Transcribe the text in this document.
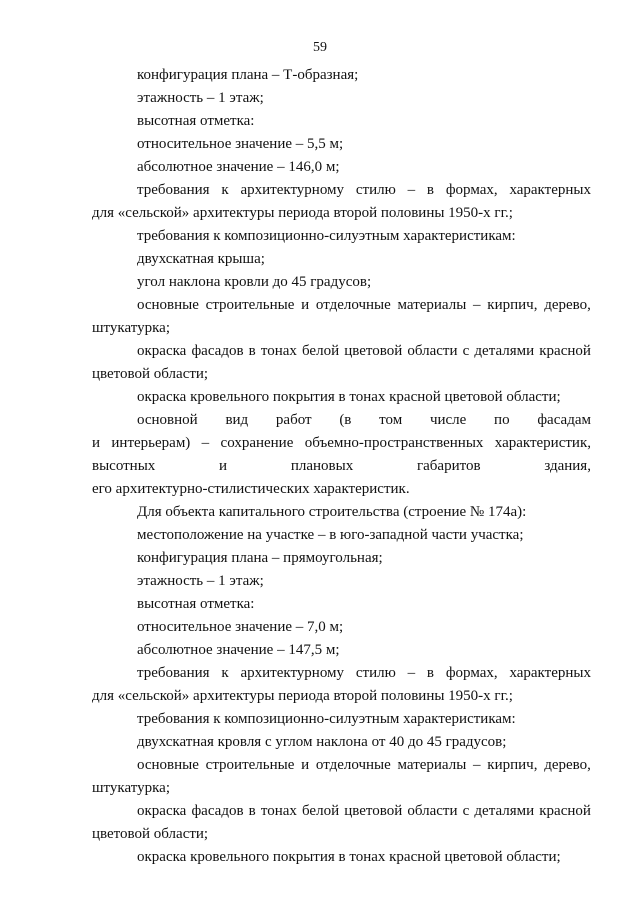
59
конфигурация плана – Т-образная;
этажность – 1 этаж;
высотная отметка:
относительное значение – 5,5 м;
абсолютное значение – 146,0 м;
требования к архитектурному стилю – в формах, характерных
для «сельской» архитектуры периода второй половины 1950-х гг.;
требования к композиционно-силуэтным характеристикам:
двухскатная крыша;
угол наклона кровли до 45 градусов;
основные строительные и отделочные материалы – кирпич, дерево,
штукатурка;
окраска фасадов в тонах белой цветовой области с деталями красной
цветовой области;
окраска кровельного покрытия в тонах красной цветовой области;
основной вид работ (в том числе по фасадам
и интерьерам) – сохранение объемно-пространственных характеристик,
высотных	и	плановых	габаритов	здания,
его архитектурно-стилистических характеристик.
Для объекта капитального строительства (строение № 174а):
местоположение на участке – в юго-западной части участка;
конфигурация плана – прямоугольная;
этажность – 1 этаж;
высотная отметка:
относительное значение – 7,0 м;
абсолютное значение – 147,5 м;
требования к архитектурному стилю – в формах, характерных
для «сельской» архитектуры периода второй половины 1950-х гг.;
требования к композиционно-силуэтным характеристикам:
двухскатная кровля с углом наклона от 40 до 45 градусов;
основные строительные и отделочные материалы – кирпич, дерево,
штукатурка;
окраска фасадов в тонах белой цветовой области с деталями красной
цветовой области;
окраска кровельного покрытия в тонах красной цветовой области;
